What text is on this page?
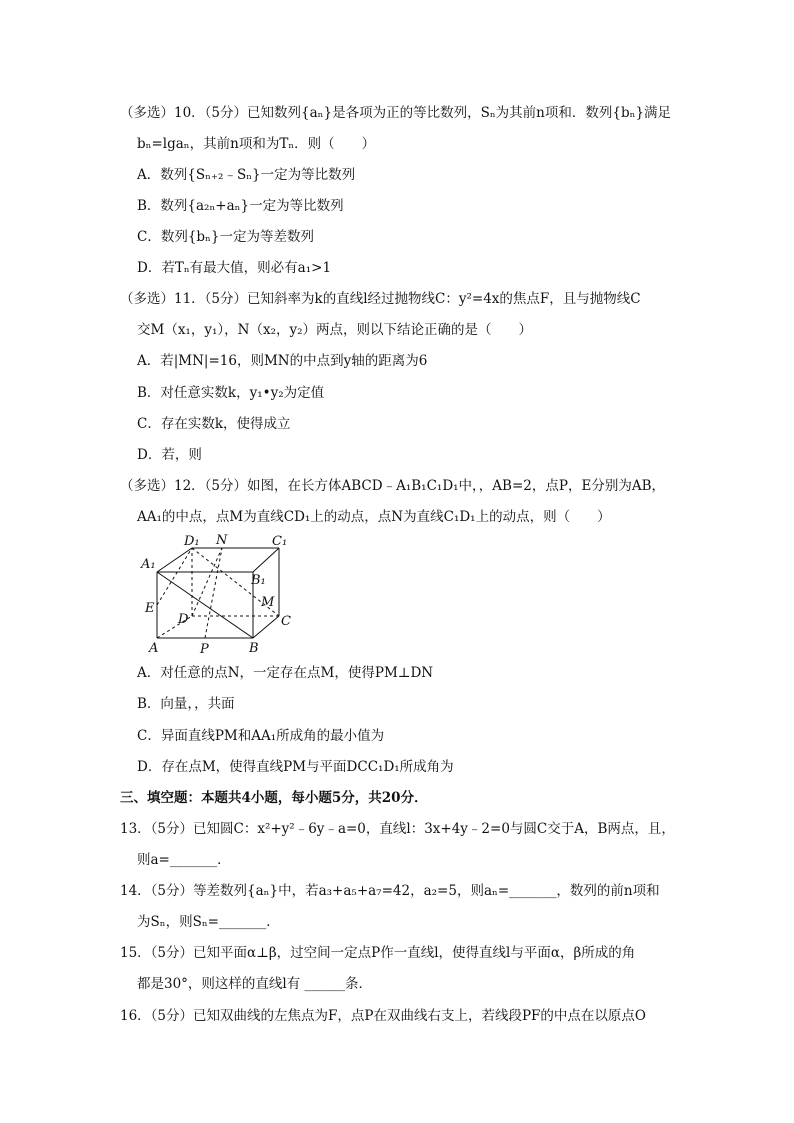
（多选）10．（5分）已知数列{aₙ}是各项为正的等比数列，Sₙ为其前n项和．数列{bₙ}满足
bₙ=lgaₙ，其前n项和为Tₙ．则（　　）
A．数列{Sₙ₊₂﹣Sₙ}一定为等比数列
B．数列{a₂ₙ+aₙ}一定为等比数列
C．数列{bₙ}一定为等差数列
D．若Tₙ有最大值，则必有a₁>1
（多选）11．（5分）已知斜率为k的直线l经过抛物线C：y²=4x的焦点F，且与抛物线C
交M（x₁，y₁），N（x₂，y₂）两点，则以下结论正确的是（　　）
A．若|MN|=16，则MN的中点到y轴的距离为6
B．对任意实数k，y₁•y₂为定值
C．存在实数k，使得成立
D．若，则
（多选）12．（5分）如图，在长方体ABCD﹣A₁B₁C₁D₁中，，AB=2，点P，E分别为AB，
AA₁的中点，点M为直线CD₁上的动点，点N为直线C₁D₁上的动点，则（　　）
D₁ N	C₁
A₁
B₁
E	M
D	C
A	P	B
A．对任意的点N，一定存在点M，使得PM⊥DN
B．向量，，共面
C．异面直线PM和AA₁所成角的最小值为
D．存在点M，使得直线PM与平面DCC₁D₁所成角为
三、填空题：本题共4小题，每小题5分，共20分．
13．（5分）已知圆C：x²+y²﹣6y﹣a=0，直线l：3x+4y﹣2=0与圆C交于A，B两点，且，
则a=_______．
14．（5分）等差数列{aₙ}中，若a₃+a₅+a₇=42，a₂=5，则aₙ=_______，数列的前n项和
为Sₙ，则Sₙ=_______．
15．（5分）已知平面α⊥β，过空间一定点P作一直线l，使得直线l与平面α，β所成的角
都是30°，则这样的直线l有 ______条．
16．（5分）已知双曲线的左焦点为F，点P在双曲线右支上，若线段PF的中点在以原点O
